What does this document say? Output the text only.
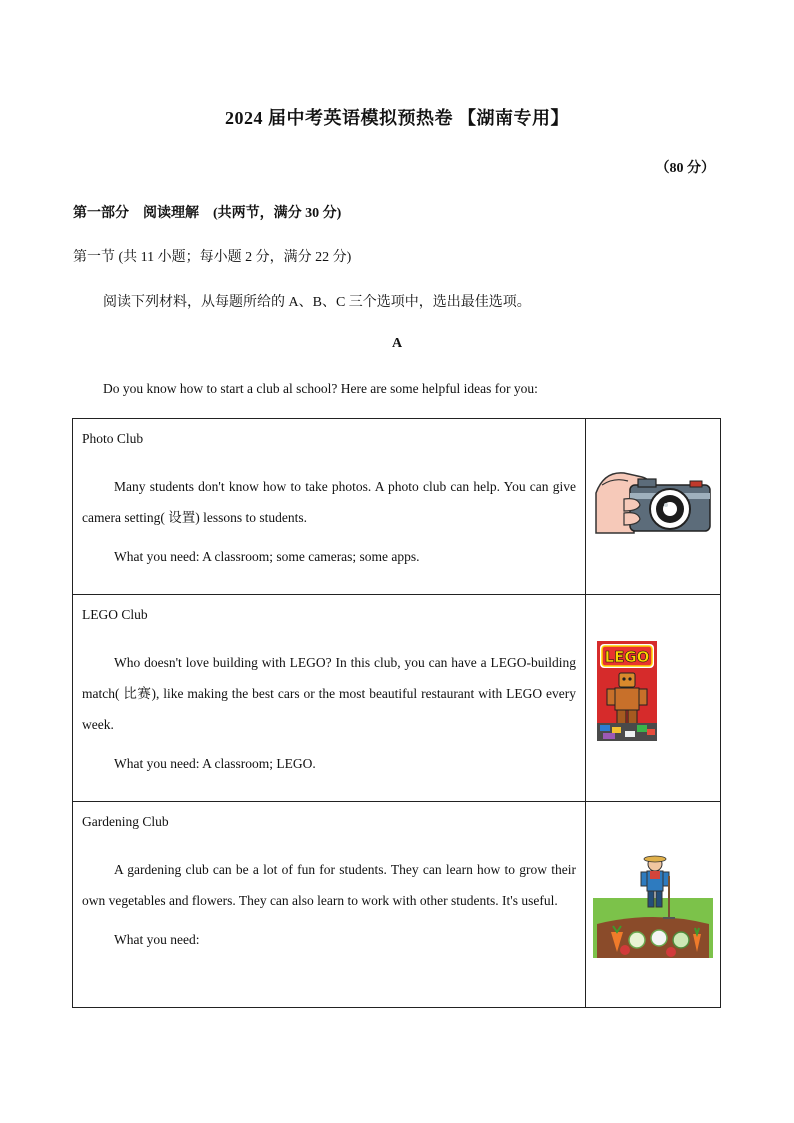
2024 届中考英语模拟预热卷 【湖南专用】
（80 分）
第一部分　阅读理解　(共两节，满分 30 分)
第一节 (共 11 小题；每小题 2 分，满分 22 分)
阅读下列材料，从每题所给的 A、B、C 三个选项中，选出最佳选项。
A
Do you know how to start a club al school? Here are some helpful ideas for you:

Photo Club

Many students don't know how to take photos. A photo club can help. You can give camera setting( 设置) lessons to students.

What you need: A classroom; some cameras; some apps.

LEGO Club

Who doesn't love building with LEGO? In this club, you can have a LEGO-building match( 比赛), like making the best cars or the most beautiful restaurant with LEGO every week.

What you need: A classroom; LEGO.

LEGO

Gardening Club

A gardening club can be a lot of fun for students. They can learn how to grow their own vegetables and flowers. They can also learn to work with other students. It's useful.

What you need:
